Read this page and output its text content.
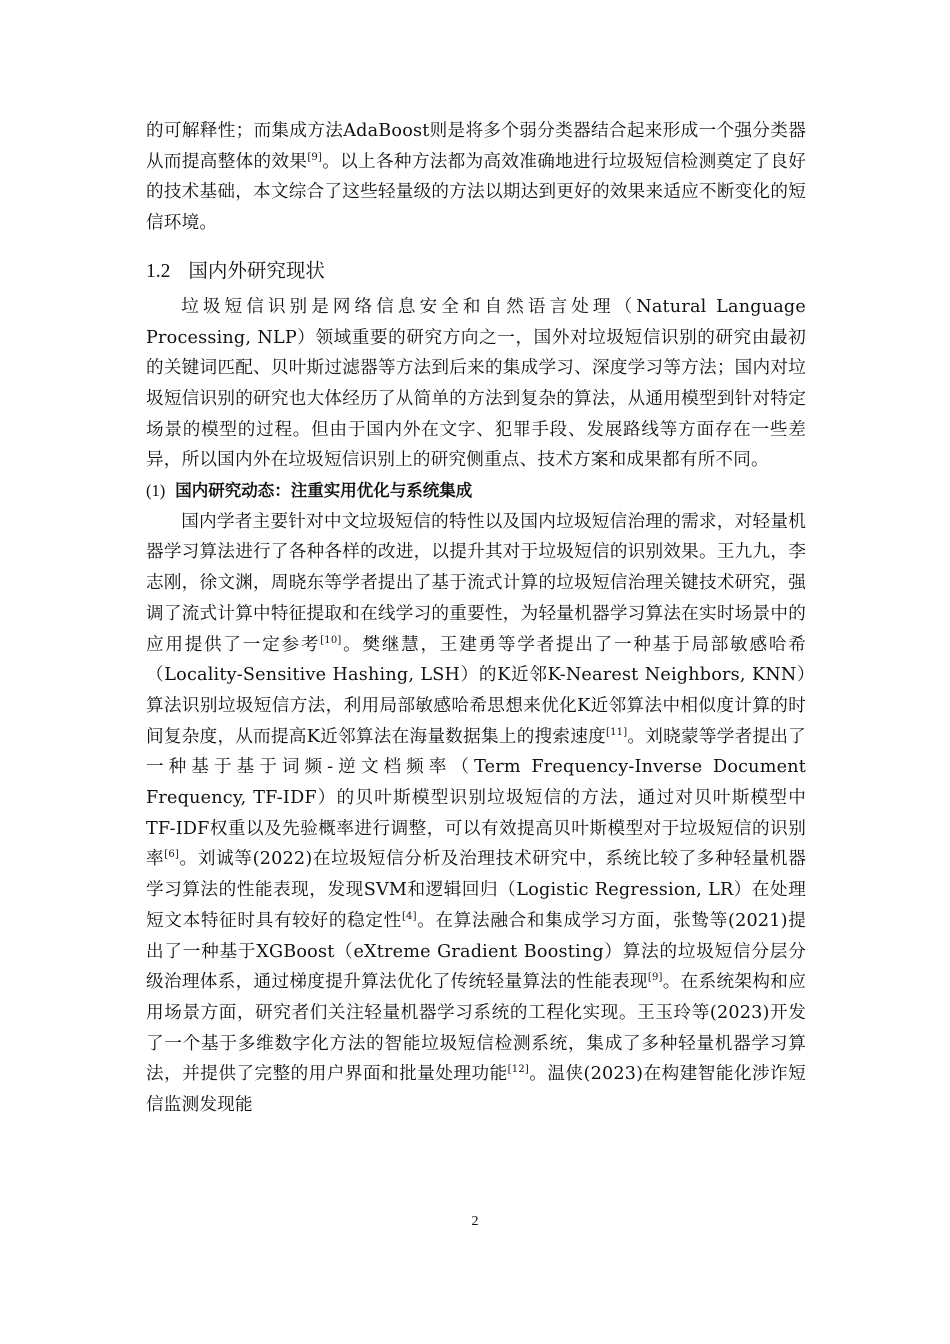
的可解释性；而集成方法AdaBoost则是将多个弱分类器结合起来形成一个强分类器从而提高整体的效果[9]。以上各种方法都为高效准确地进行垃圾短信检测奠定了良好的技术基础，本文综合了这些轻量级的方法以期达到更好的效果来适应不断变化的短信环境。

1.2 国内外研究现状

垃圾短信识别是网络信息安全和自然语言处理（Natural Language Processing, NLP）领域重要的研究方向之一，国外对垃圾短信识别的研究由最初的关键词匹配、贝叶斯过滤器等方法到后来的集成学习、深度学习等方法；国内对垃圾短信识别的研究也大体经历了从简单的方法到复杂的算法，从通用模型到针对特定场景的模型的过程。但由于国内外在文字、犯罪手段、发展路线等方面存在一些差异，所以国内外在垃圾短信识别上的研究侧重点、技术方案和成果都有所不同。

(1) 国内研究动态：注重实用优化与系统集成

国内学者主要针对中文垃圾短信的特性以及国内垃圾短信治理的需求，对轻量机器学习算法进行了各种各样的改进，以提升其对于垃圾短信的识别效果。王九九，李志刚，徐文渊，周晓东等学者提出了基于流式计算的垃圾短信治理关键技术研究，强调了流式计算中特征提取和在线学习的重要性，为轻量机器学习算法在实时场景中的应用提供了一定参考[10]。樊继慧，王建勇等学者提出了一种基于局部敏感哈希（Locality-Sensitive Hashing, LSH）的K近邻K-Nearest Neighbors, KNN）算法识别垃圾短信方法，利用局部敏感哈希思想来优化K近邻算法中相似度计算的时间复杂度，从而提高K近邻算法在海量数据集上的搜索速度[11]。刘晓蒙等学者提出了一种基于基于词频-逆文档频率（Term Frequency-Inverse Document Frequency, TF-IDF）的贝叶斯模型识别垃圾短信的方法，通过对贝叶斯模型中TF-IDF权重以及先验概率进行调整，可以有效提高贝叶斯模型对于垃圾短信的识别率[6]。刘诚等(2022)在垃圾短信分析及治理技术研究中，系统比较了多种轻量机器学习算法的性能表现，发现SVM和逻辑回归（Logistic Regression, LR）在处理短文本特征时具有较好的稳定性[4]。在算法融合和集成学习方面，张鸷等(2021)提出了一种基于XGBoost（eXtreme Gradient Boosting）算法的垃圾短信分层分级治理体系，通过梯度提升算法优化了传统轻量算法的性能表现[9]。在系统架构和应用场景方面，研究者们关注轻量机器学习系统的工程化实现。王玉玲等(2023)开发了一个基于多维数字化方法的智能垃圾短信检测系统，集成了多种轻量机器学习算法，并提供了完整的用户界面和批量处理功能[12]。温侠(2023)在构建智能化涉诈短信监测发现能

2
